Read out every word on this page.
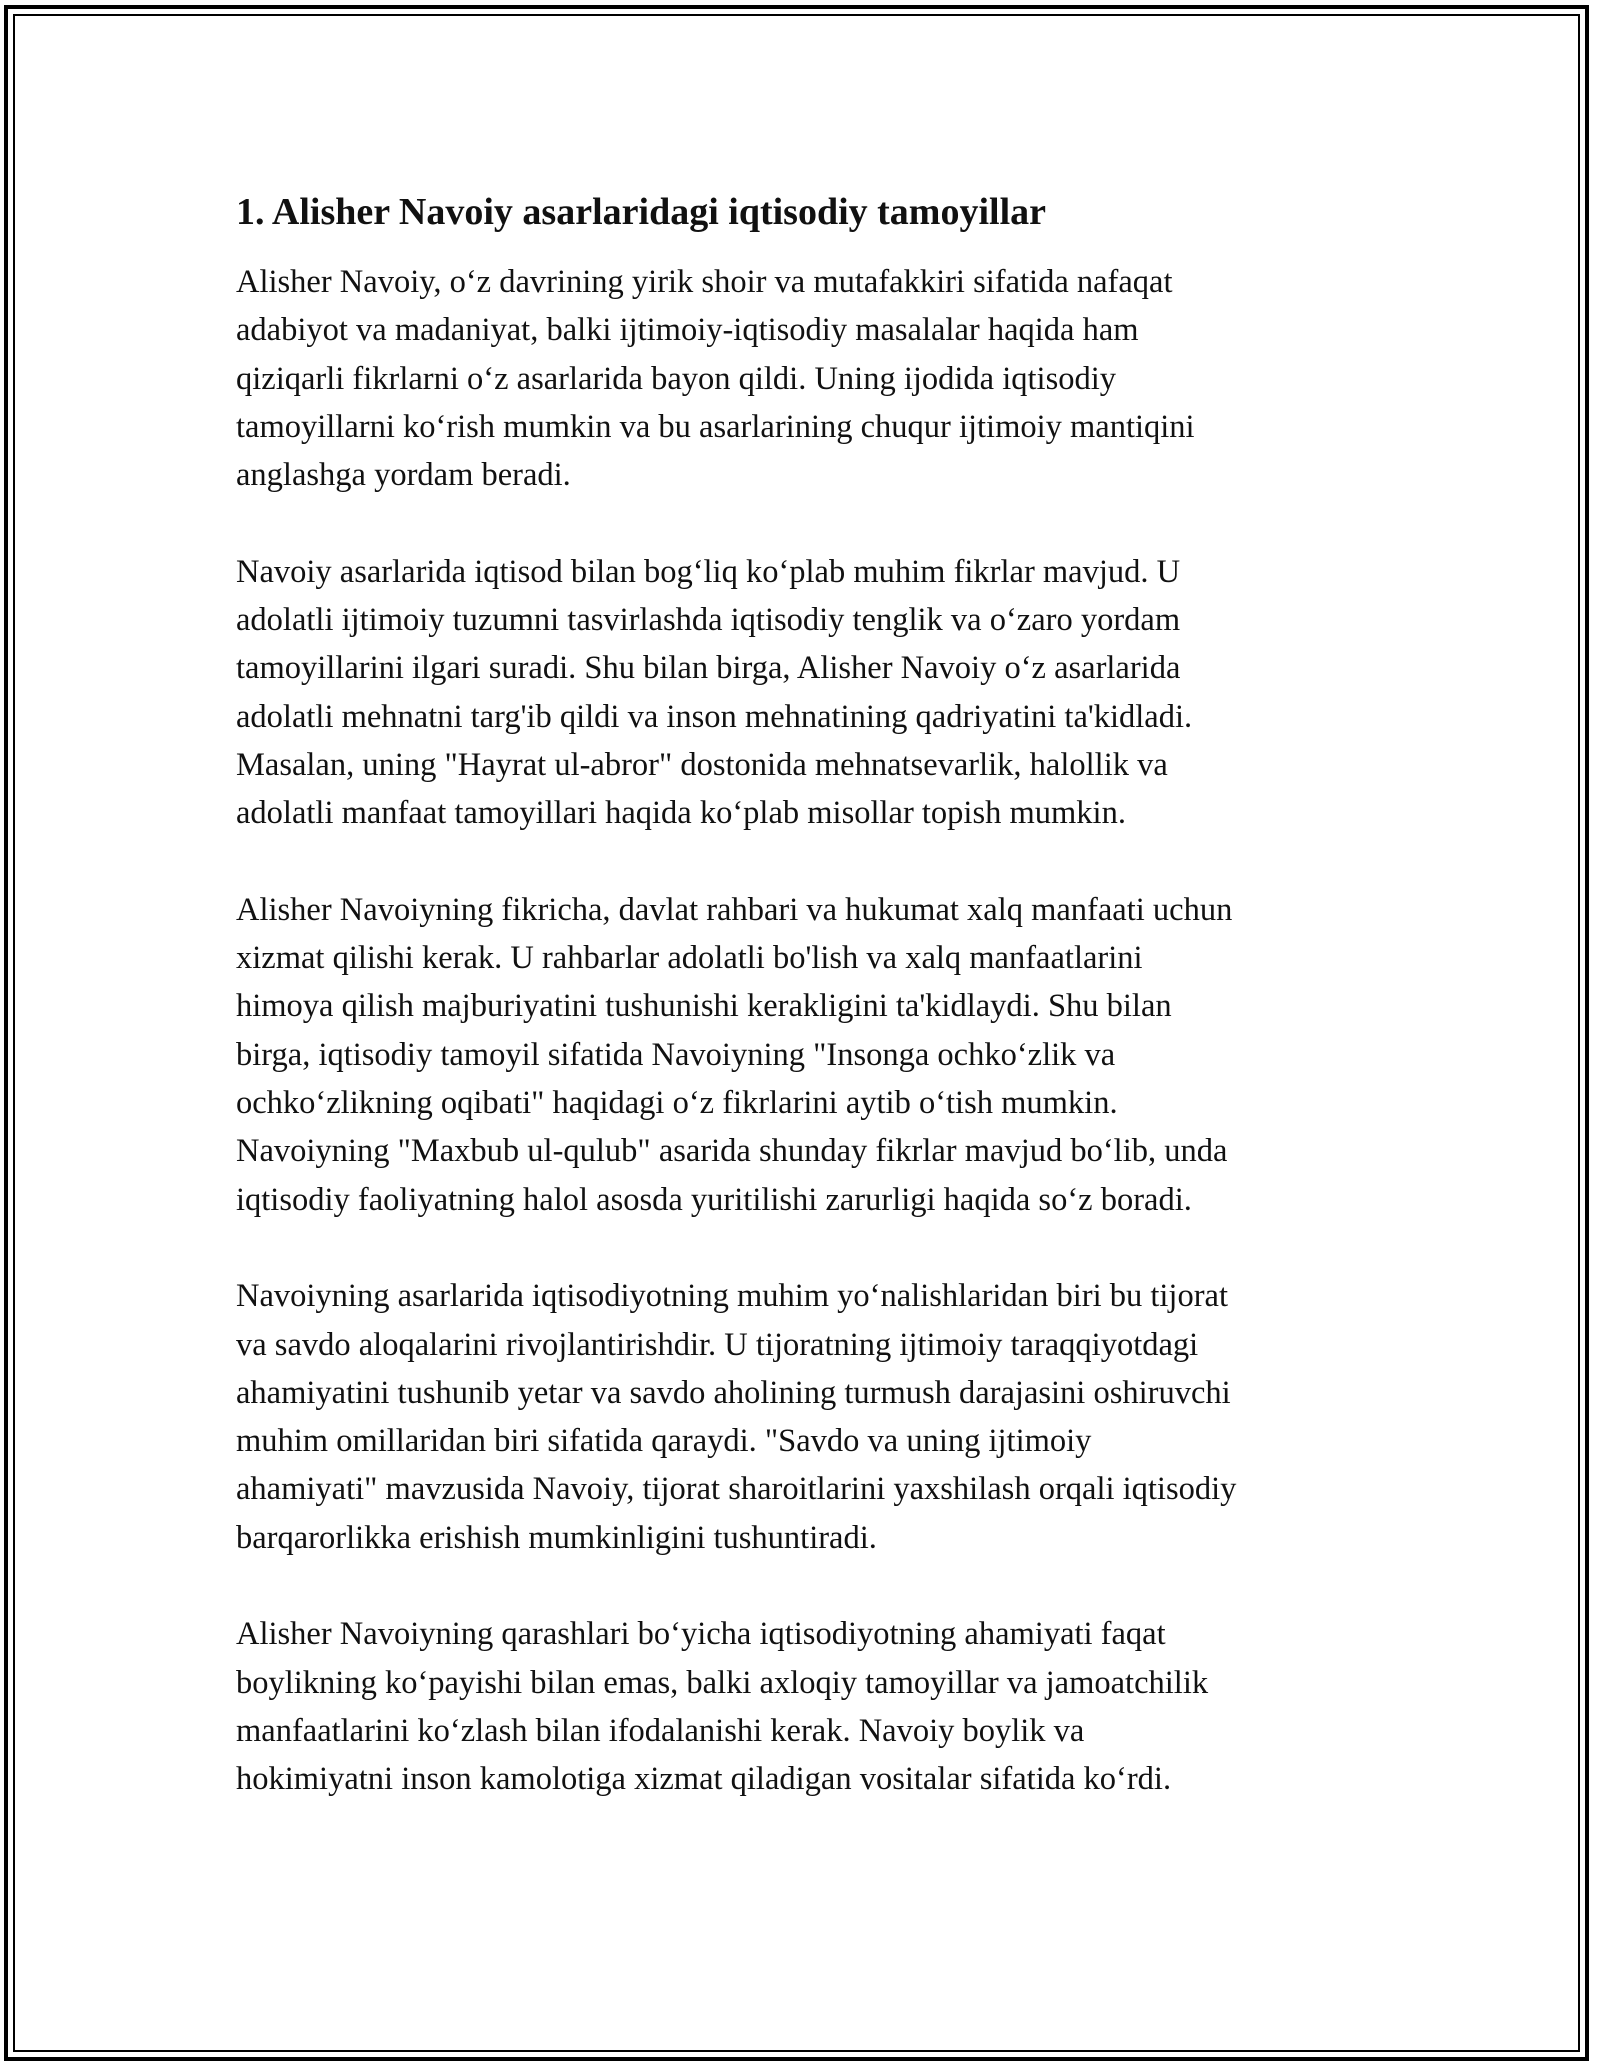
1. Alisher Navoiy asarlaridagi iqtisodiy tamoyillar
Alisher Navoiy, o‘z davrining yirik shoir va mutafakkiri sifatida nafaqat
adabiyot va madaniyat, balki ijtimoiy-iqtisodiy masalalar haqida ham
qiziqarli fikrlarni o‘z asarlarida bayon qildi. Uning ijodida iqtisodiy
tamoyillarni ko‘rish mumkin va bu asarlarining chuqur ijtimoiy mantiqini
anglashga yordam beradi.
Navoiy asarlarida iqtisod bilan bog‘liq ko‘plab muhim fikrlar mavjud. U
adolatli ijtimoiy tuzumni tasvirlashda iqtisodiy tenglik va o‘zaro yordam
tamoyillarini ilgari suradi. Shu bilan birga, Alisher Navoiy o‘z asarlarida
adolatli mehnatni targ'ib qildi va inson mehnatining qadriyatini ta'kidladi.
Masalan, uning "Hayrat ul-abror" dostonida mehnatsevarlik, halollik va
adolatli manfaat tamoyillari haqida ko‘plab misollar topish mumkin.
Alisher Navoiyning fikricha, davlat rahbari va hukumat xalq manfaati uchun
xizmat qilishi kerak. U rahbarlar adolatli bo'lish va xalq manfaatlarini
himoya qilish majburiyatini tushunishi kerakligini ta'kidlaydi. Shu bilan
birga, iqtisodiy tamoyil sifatida Navoiyning "Insonga ochko‘zlik va
ochko‘zlikning oqibati" haqidagi o‘z fikrlarini aytib o‘tish mumkin.
Navoiyning "Maxbub ul-qulub" asarida shunday fikrlar mavjud bo‘lib, unda
iqtisodiy faoliyatning halol asosda yuritilishi zarurligi haqida so‘z boradi.
Navoiyning asarlarida iqtisodiyotning muhim yo‘nalishlaridan biri bu tijorat
va savdo aloqalarini rivojlantirishdir. U tijoratning ijtimoiy taraqqiyotdagi
ahamiyatini tushunib yetar va savdo aholining turmush darajasini oshiruvchi
muhim omillaridan biri sifatida qaraydi. "Savdo va uning ijtimoiy
ahamiyati" mavzusida Navoiy, tijorat sharoitlarini yaxshilash orqali iqtisodiy
barqarorlikka erishish mumkinligini tushuntiradi.
Alisher Navoiyning qarashlari bo‘yicha iqtisodiyotning ahamiyati faqat
boylikning ko‘payishi bilan emas, balki axloqiy tamoyillar va jamoatchilik
manfaatlarini ko‘zlash bilan ifodalanishi kerak. Navoiy boylik va
hokimiyatni inson kamolotiga xizmat qiladigan vositalar sifatida ko‘rdi.
